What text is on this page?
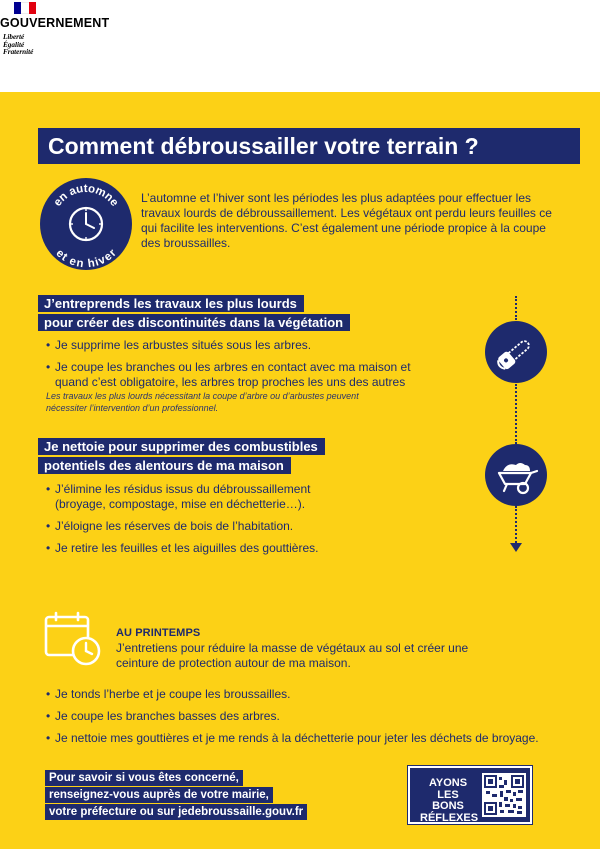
GOUVERNEMENT
Liberté
Égalité
Fraternité
Comment débroussailler votre terrain ?
en automne
et en hiver
L’automne et l’hiver sont les périodes les plus adaptées pour effectuer les travaux lourds de débroussaillement. Les végétaux ont perdu leurs feuilles ce qui facilite les interventions. C’est également une période propice à la coupe des broussailles.
J’entreprends les travaux les plus lourds
pour créer des discontinuités dans la végétation
• Je supprime les arbustes situés sous les arbres.
• Je coupe les branches ou les arbres en contact avec ma maison et quand c’est obligatoire, les arbres trop proches les uns des autres
Les travaux les plus lourds nécessitant la coupe d’arbre ou d’arbustes peuvent nécessiter l’intervention d’un professionnel.
Je nettoie pour supprimer des combustibles
potentiels des alentours de ma maison
• J’élimine les résidus issus du débroussaillement (broyage, compostage, mise en déchetterie…).
• J’éloigne les réserves de bois de l’habitation.
• Je retire les feuilles et les aiguilles des gouttières.
AU PRINTEMPS
J’entretiens pour réduire la masse de végétaux au sol et créer une ceinture de protection autour de ma maison.
• Je tonds l’herbe et je coupe les broussailles.
• Je coupe les branches basses des arbres.
• Je nettoie mes gouttières et je me rends à la déchetterie pour jeter les déchets de broyage.
Pour savoir si vous êtes concerné,
renseignez-vous auprès de votre mairie,
votre préfecture ou sur jedebroussaille.gouv.fr
AYONS
LES BONS
RÉFLEXES
